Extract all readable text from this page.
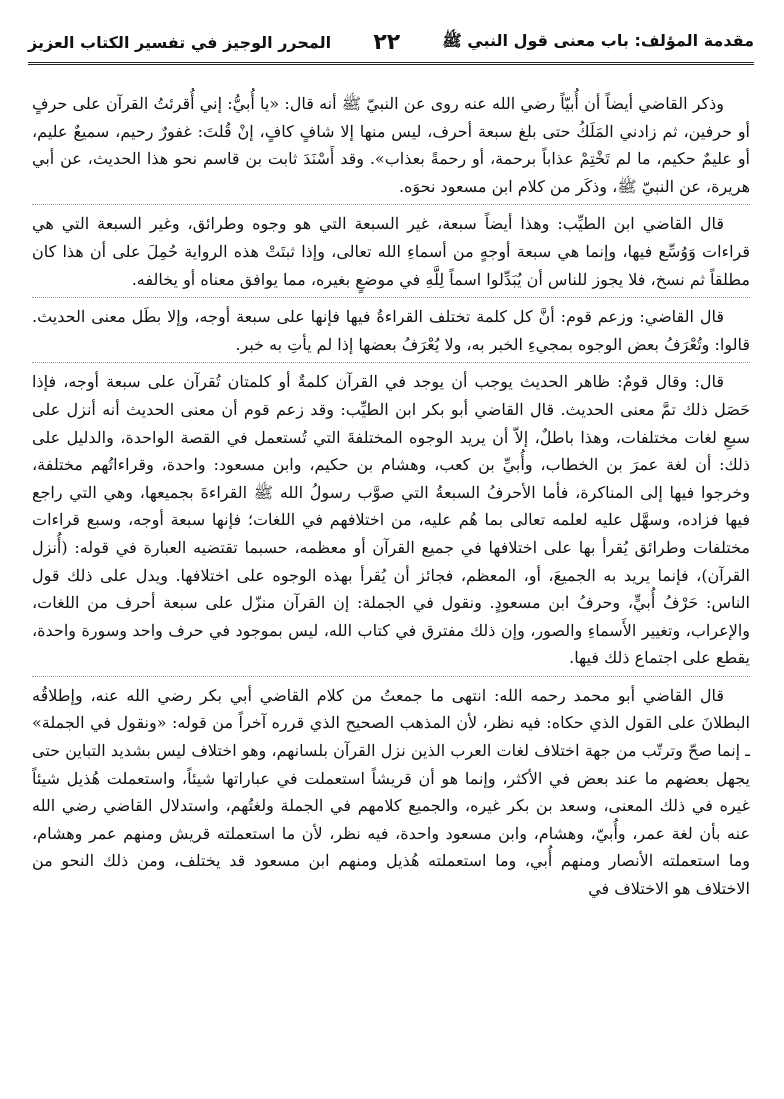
مقدمة المؤلف: باب معنى قول النبي ﷺ
٢٢
المحرر الوجيز في تفسير الكتاب العزيز

وذكر القاضي أيضاً أن أُبيّاً رضي الله عنه روى عن النبيّ ﷺ أنه قال: «يا أُبيُّ: إني أُقرئتُ القرآن على حرفٍ أو حرفين، ثم زادني المَلَكُ حتى بلغ سبعة أحرف، ليس منها إلا شافٍ كافٍ، إنْ قُلتَ: غفورٌ رحيم، سميعٌ عليم، أو عليمٌ حكيم، ما لم تَخْتِمْ عذاباً برحمة، أو رحمةً بعذاب». وقد أَسْنَدَ ثابت بن قاسم نحو هذا الحديث، عن أبي هريرة، عن النبيّ ﷺ، وذكَر من كلام ابن مسعود نحوَه.

قال القاضي ابن الطيِّب: وهذا أيضاً سبعة، غير السبعة التي هو وجوه وطرائق، وغير السبعة التي هي قراءات وَوُسِّع فيها، وإنما هي سبعة أوجهٍ من أسماءِ الله تعالى، وإذا ثبتَتْ هذه الرواية حُمِلَ على أن هذا كان مطلقاً ثم نسخ، فلا يجوز للناس أن يُبَدِّلوا اسماً لِلَّهِ في موضعٍ بغيره، مما يوافق معناه أو يخالفه.

قال القاضي: وزعم قوم: أنَّ كل كلمة تختلف القراءةُ فيها فإنها على سبعة أوجه، وإلا بطَل معنى الحديث. قالوا: وتُعْرَفُ بعض الوجوه بمجيءِ الخبر به، ولا يُعْرَفُ بعضها إذا لم يأتِ به خبر.

قال: وقال قومٌ: ظاهر الحديث يوجب أن يوجد في القرآن كلمةٌ أو كلمتان تُقرآن على سبعة أوجه، فإذا حَصَل ذلك تمَّ معنى الحديث. قال القاضي أبو بكر ابن الطيِّب: وقد زعم قوم أن معنى الحديث أنه أنزل على سبعِ لغات مختلفات، وهذا باطلٌ، إلاّ أن يريد الوجوه المختلفةَ التي تُستعمل في القصة الواحدة، والدليل على ذلك: أن لغة عمرَ بن الخطاب، وأُبيِّ بن كعب، وهشام بن حكيم، وابن مسعود: واحدة، وقراءاتُهم مختلفة، وخرجوا فيها إلى المناكرة، فأما الأحرفُ السبعةُ التي صوَّب رسولُ الله ﷺ القراءةَ بجميعها، وهي التي راجع فيها فزاده، وسهَّل عليه لعلمه تعالى بما هُم عليه، من اختلافهم في اللغات؛ فإنها سبعة أوجه، وسبع قراءات مختلفات وطرائق يُقرأ بها على اختلافها في جميع القرآن أو معظمه، حسبما تقتضيه العبارة في قوله: (أُنزل القرآن)، فإنما يريد به الجميعَ، أو، المعظم، فجائز أن يُقرأ بهذه الوجوه على اختلافها. ويدل على ذلك قول الناس: حَرْفُ أُبيٍّ، وحرفُ ابن مسعودٍ. ونقول في الجملة: إن القرآن منزّل على سبعة أحرف من اللغات، والإعراب، وتغيير الأَسماءِ والصور، وإن ذلك مفترق في كتاب الله، ليس بموجود في حرف واحد وسورة واحدة، يقطع على اجتماع ذلك فيها.

قال القاضي أبو محمد رحمه الله: انتهى ما جمعتُ من كلام القاضي أبي بكر رضي الله عنه، وإطلاقُه البطلانَ على القول الذي حكاه: فيه نظر، لأن المذهب الصحيح الذي قرره آخراً من قوله: «ونقول في الجملة» ـ إنما صحّ وترتّب من جهة اختلاف لغات العرب الذين نزل القرآن بلسانهم، وهو اختلاف ليس بشديد التباين حتى يجهل بعضهم ما عند بعض في الأكثر، وإنما هو أن قريشاً استعملت في عباراتها شيئاً، واستعملت هُذيل شيئاً غيره في ذلك المعنى، وسعد بن بكر غيره، والجميع كلامهم في الجملة ولغتُهم، واستدلال القاضي رضي الله عنه بأن لغة عمر، وأُبيّ، وهشام، وابن مسعود واحدة، فيه نظر، لأن ما استعملته قريش ومنهم عمر وهشام، وما استعملته الأنصار ومنهم أُبي، وما استعملته هُذيل ومنهم ابن مسعود قد يختلف، ومن ذلك النحو من الاختلاف هو الاختلاف في
